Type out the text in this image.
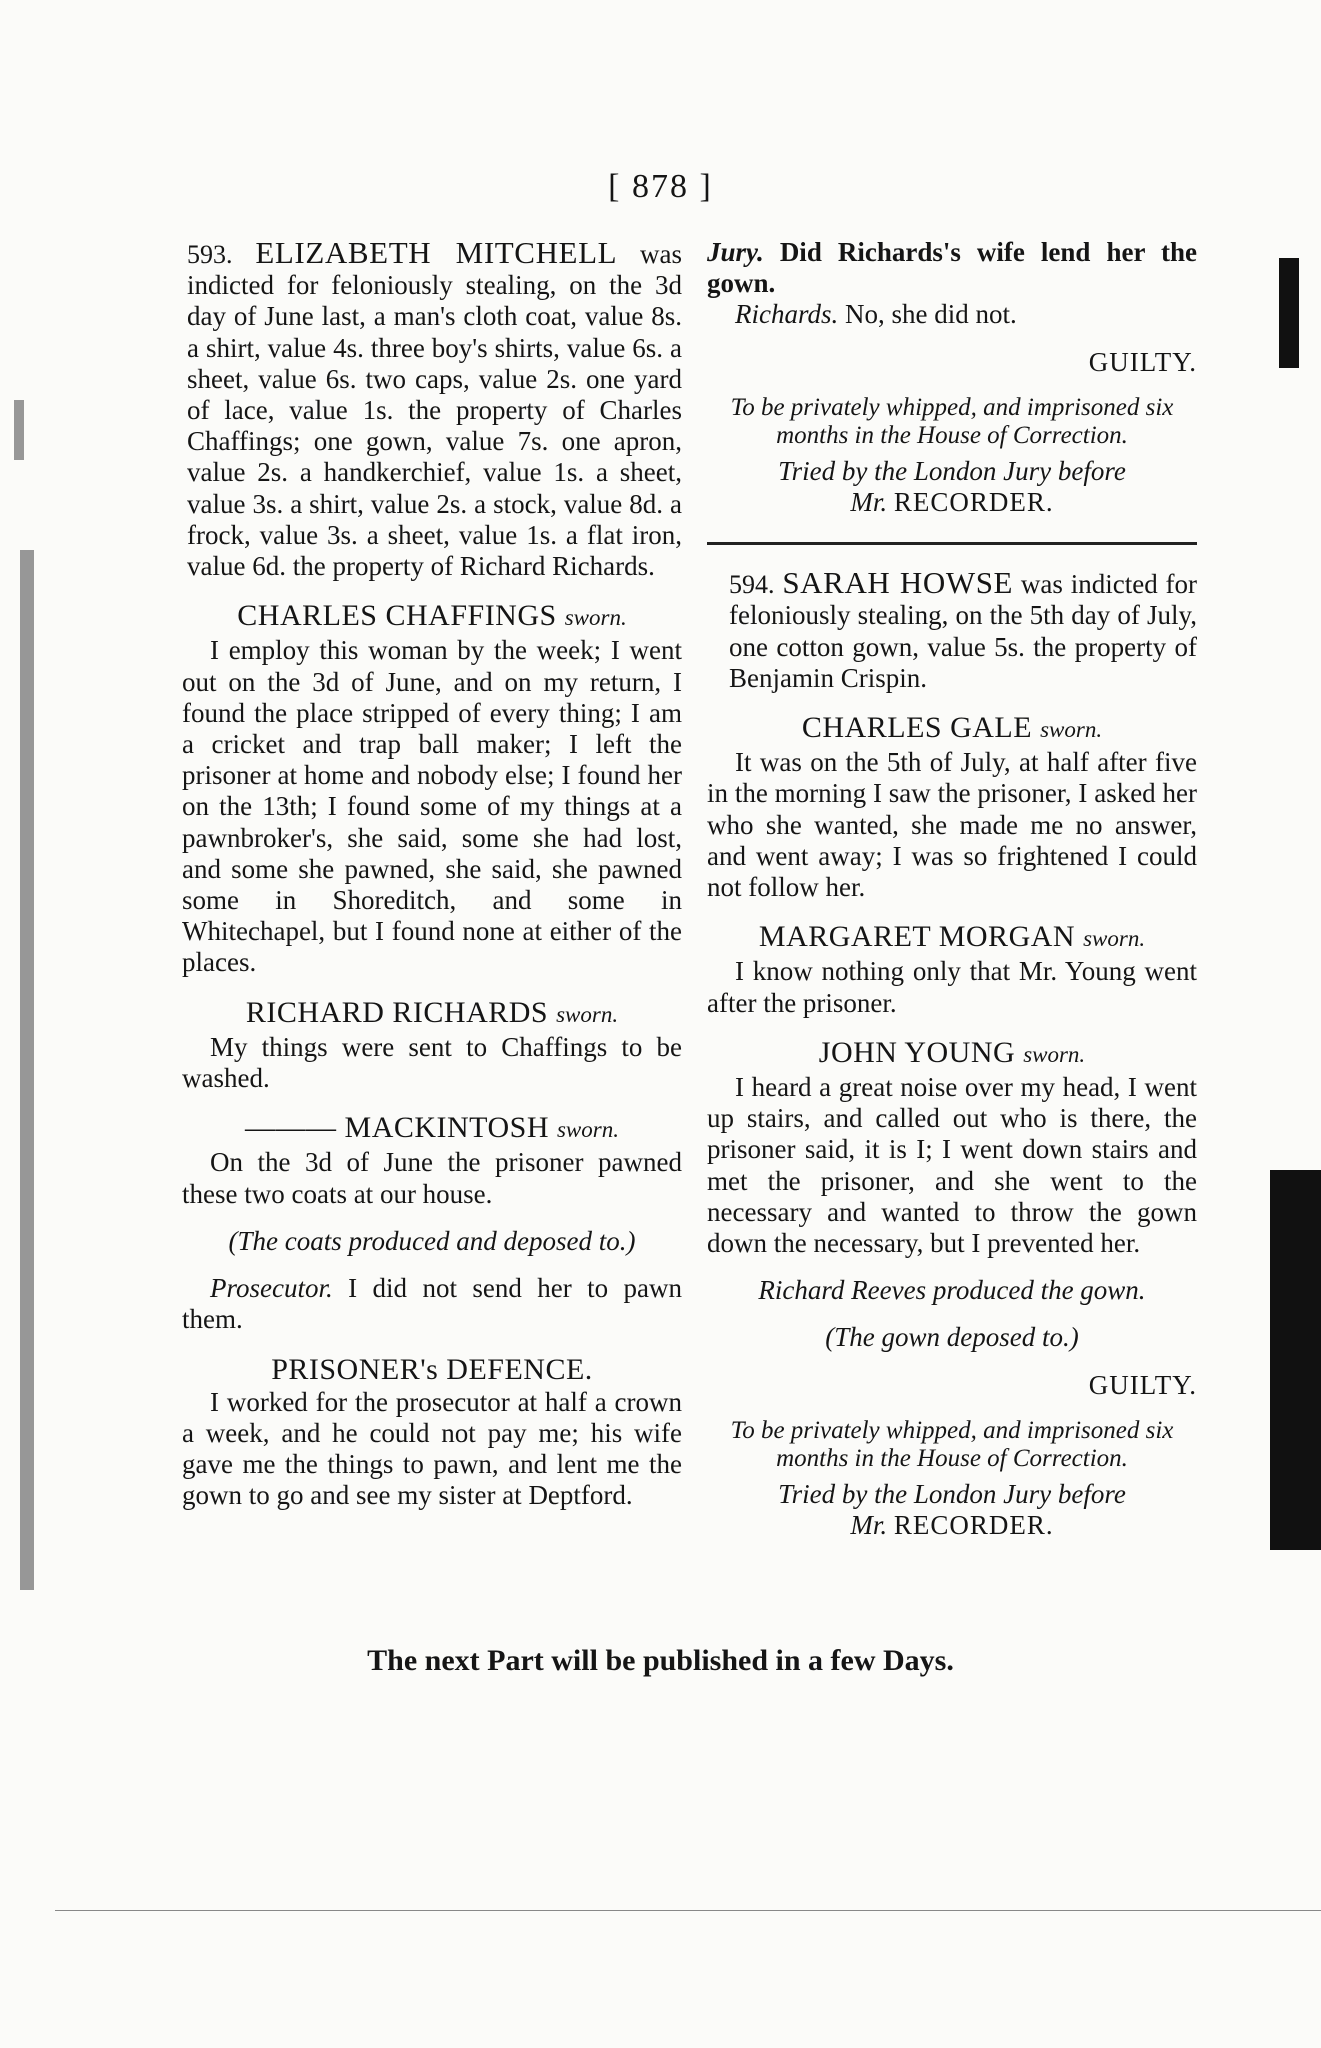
[ 878 ]

593. ELIZABETH MITCHELL was indicted for feloniously stealing, on the 3d day of June last, a man's cloth coat, value 8s. a shirt, value 4s. three boy's shirts, value 6s. a sheet, value 6s. two caps, value 2s. one yard of lace, value 1s. the property of Charles Chaffings; one gown, value 7s. one apron, value 2s. a handkerchief, value 1s. a sheet, value 3s. a shirt, value 2s. a stock, value 8d. a frock, value 3s. a sheet, value 1s. a flat iron, value 6d. the property of Richard Richards.

CHARLES CHAFFINGS sworn.

I employ this woman by the week; I went out on the 3d of June, and on my return, I found the place stripped of every thing; I am a cricket and trap ball maker; I left the prisoner at home and nobody else; I found her on the 13th; I found some of my things at a pawnbroker's, she said, some she had lost, and some she pawned, she said, she pawned some in Shoreditch, and some in Whitechapel, but I found none at either of the places.

RICHARD RICHARDS sworn.

My things were sent to Chaffings to be washed.

——— MACKINTOSH sworn.

On the 3d of June the prisoner pawned these two coats at our house.

(The coats produced and deposed to.)

Prosecutor. I did not send her to pawn them.

PRISONER's DEFENCE.

I worked for the prosecutor at half a crown a week, and he could not pay me; his wife gave me the things to pawn, and lent me the gown to go and see my sister at Deptford.

Jury. Did Richards's wife lend her the gown.

Richards. No, she did not.

GUILTY.

To be privately whipped, and imprisoned six months in the House of Correction.

Tried by the London Jury before

Mr. RECORDER.

594. SARAH HOWSE was indicted for feloniously stealing, on the 5th day of July, one cotton gown, value 5s. the property of Benjamin Crispin.

CHARLES GALE sworn.

It was on the 5th of July, at half after five in the morning I saw the prisoner, I asked her who she wanted, she made me no answer, and went away; I was so frightened I could not follow her.

MARGARET MORGAN sworn.

I know nothing only that Mr. Young went after the prisoner.

JOHN YOUNG sworn.

I heard a great noise over my head, I went up stairs, and called out who is there, the prisoner said, it is I; I went down stairs and met the prisoner, and she went to the necessary and wanted to throw the gown down the necessary, but I prevented her.

Richard Reeves produced the gown.

(The gown deposed to.)

GUILTY.

To be privately whipped, and imprisoned six months in the House of Correction.

Tried by the London Jury before

Mr. RECORDER.

The next Part will be published in a few Days.
